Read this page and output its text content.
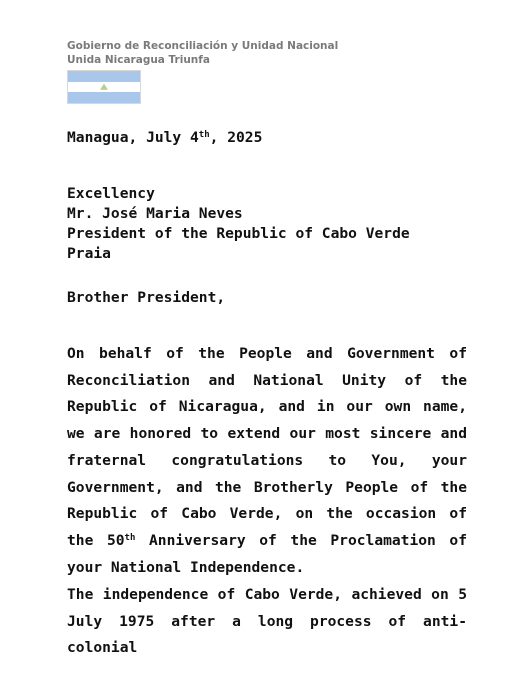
Gobierno de Reconciliación y Unidad Nacional
Unida Nicaragua Triunfa
Managua, July 4th, 2025
Excellency
Mr. José Maria Neves
President of the Republic of Cabo Verde
Praia
Brother President,
On behalf of the People and Government of Reconciliation and National Unity of the Republic of Nicaragua, and in our own name, we are honored to extend our most sincere and fraternal congratulations to You, your Government, and the Brotherly People of the Republic of Cabo Verde, on the occasion of the 50th Anniversary of the Proclamation of your National Independence.
The independence of Cabo Verde, achieved on 5 July 1975 after a long process of anti-colonial
